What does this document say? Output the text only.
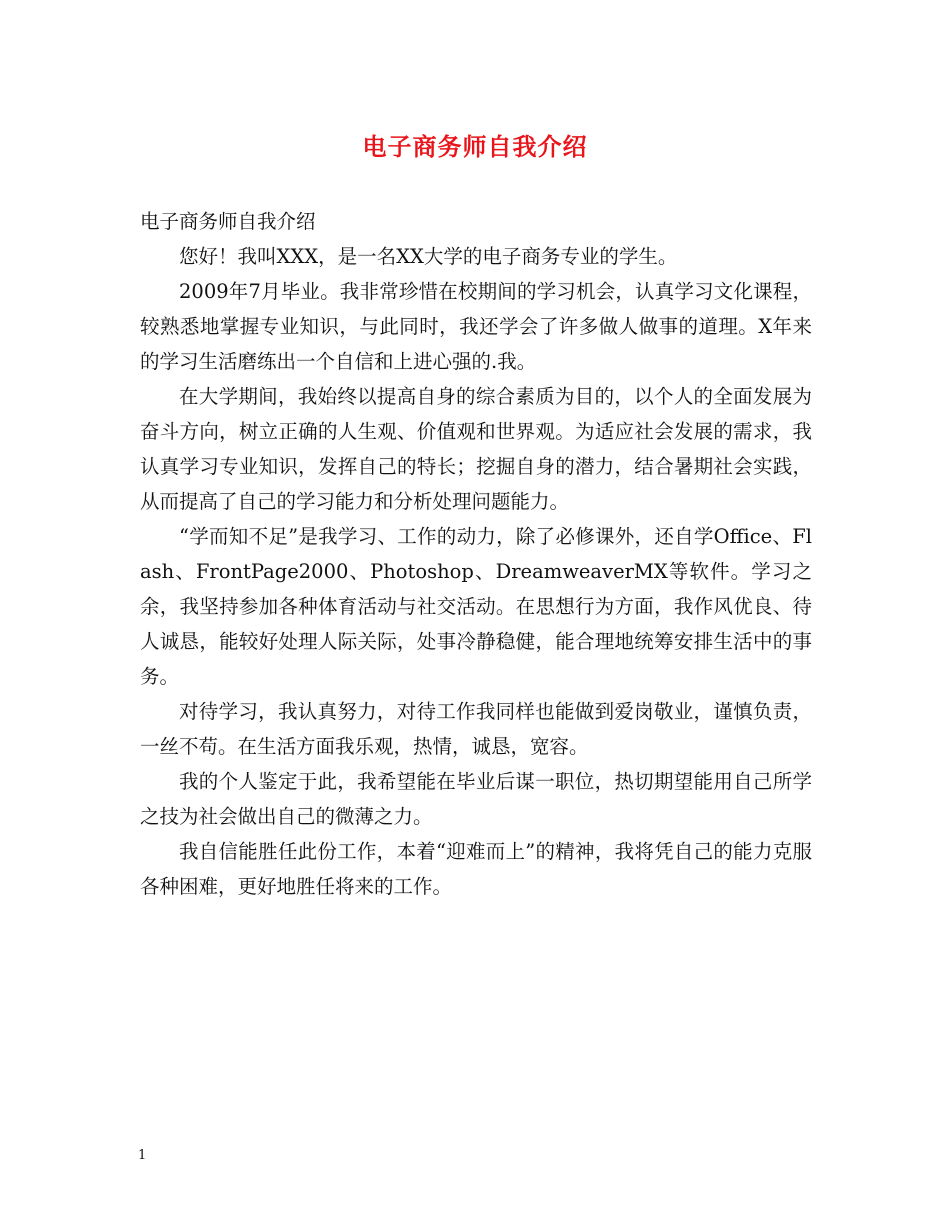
电子商务师自我介绍

电子商务师自我介绍

您好！我叫XXX，是一名XX大学的电子商务专业的学生。

2009年7月毕业。我非常珍惜在校期间的学习机会，认真学习文化课程，较熟悉地掌握专业知识，与此同时，我还学会了许多做人做事的道理。X年来的学习生活磨练出一个自信和上进心强的.我。

在大学期间，我始终以提高自身的综合素质为目的，以个人的全面发展为奋斗方向，树立正确的人生观、价值观和世界观。为适应社会发展的需求，我认真学习专业知识，发挥自己的特长；挖掘自身的潜力，结合暑期社会实践，从而提高了自己的学习能力和分析处理问题能力。

“学而知不足”是我学习、工作的动力，除了必修课外，还自学Office、Flash、FrontPage2000、Photoshop、DreamweaverMX等软件。学习之余，我坚持参加各种体育活动与社交活动。在思想行为方面，我作风优良、待人诚恳，能较好处理人际关际，处事冷静稳健，能合理地统筹安排生活中的事务。

对待学习，我认真努力，对待工作我同样也能做到爱岗敬业，谨慎负责，一丝不苟。在生活方面我乐观，热情，诚恳，宽容。

我的个人鉴定于此，我希望能在毕业后谋一职位，热切期望能用自己所学之技为社会做出自己的微薄之力。

我自信能胜任此份工作，本着“迎难而上”的精神，我将凭自己的能力克服各种困难，更好地胜任将来的工作。

1
